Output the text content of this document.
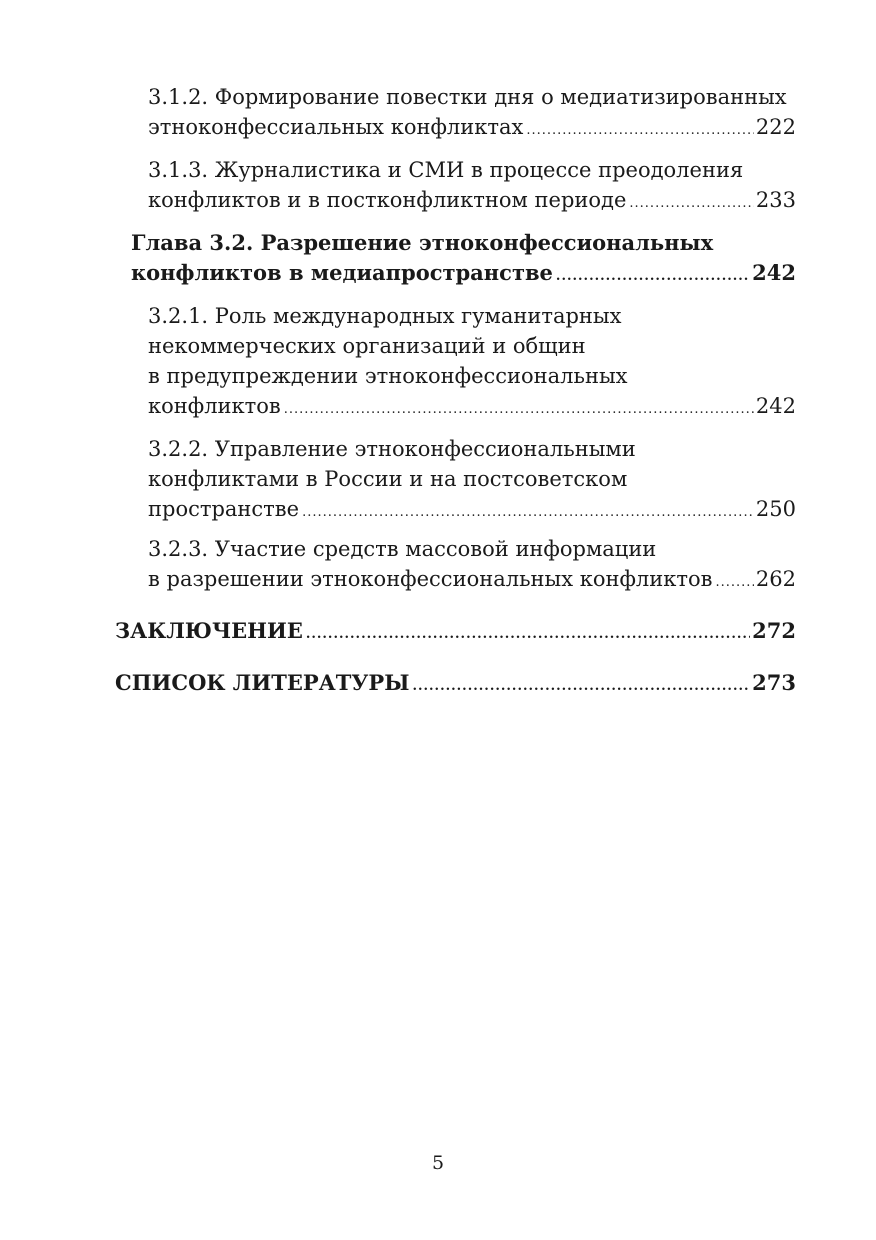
3.1.2. Формирование повестки дня о медиатизированных
этноконфессиальных конфликтах .....	222
3.1.3. Журналистика и СМИ в процессе преодоления
конфликтов и в постконфликтном периоде .....	233
Глава 3.2. Разрешение этноконфессиональных
конфликтов в медиапространстве .....	242
3.2.1. Роль международных гуманитарных
некоммерческих организаций и общин
в предупреждении этноконфессиональных
конфликтов .....	242
3.2.2. Управление этноконфессиональными
конфликтами в России и на постсоветском
пространстве .....	250
3.2.3. Участие средств массовой информации
в разрешении этноконфессиональных конфликтов ..... 262
ЗАКЛЮЧЕНИЕ .....	272
СПИСОК ЛИТЕРАТУРЫ .....	273
5
